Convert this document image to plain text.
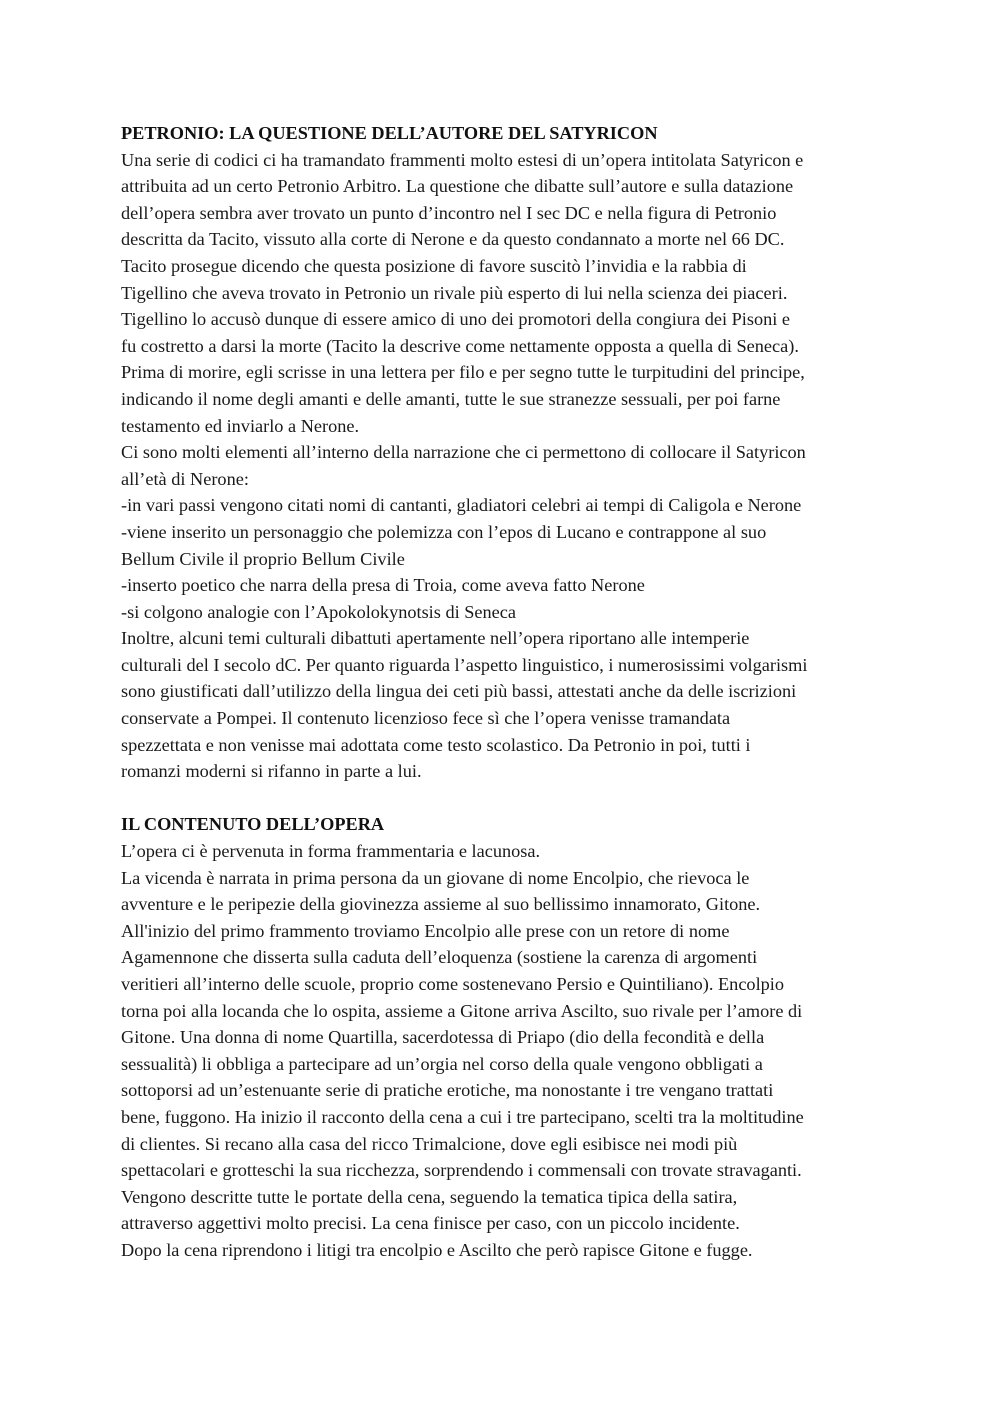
PETRONIO: LA QUESTIONE DELL’AUTORE DEL SATYRICON
Una serie di codici ci ha tramandato frammenti molto estesi di un’opera intitolata Satyricon e
attribuita ad un certo Petronio Arbitro. La questione che dibatte sull’autore e sulla datazione
dell’opera sembra aver trovato un punto d’incontro nel I sec DC e nella figura di Petronio
descritta da Tacito, vissuto alla corte di Nerone e da questo condannato a morte nel 66 DC.
Tacito prosegue dicendo che questa posizione di favore suscitò l’invidia e la rabbia di
Tigellino che aveva trovato in Petronio un rivale più esperto di lui nella scienza dei piaceri.
Tigellino lo accusò dunque di essere amico di uno dei promotori della congiura dei Pisoni e
fu costretto a darsi la morte (Tacito la descrive come nettamente opposta a quella di Seneca).
Prima di morire, egli scrisse in una lettera per filo e per segno tutte le turpitudini del principe,
indicando il nome degli amanti e delle amanti, tutte le sue stranezze sessuali, per poi farne
testamento ed inviarlo a Nerone.
Ci sono molti elementi all’interno della narrazione che ci permettono di collocare il Satyricon
all’età di Nerone:
-in vari passi vengono citati nomi di cantanti, gladiatori celebri ai tempi di Caligola e Nerone
-viene inserito un personaggio che polemizza con l’epos di Lucano e contrappone al suo
Bellum Civile il proprio Bellum Civile
-inserto poetico che narra della presa di Troia, come aveva fatto Nerone
-si colgono analogie con l’Apokolokynotsis di Seneca
Inoltre, alcuni temi culturali dibattuti apertamente nell’opera riportano alle intemperie
culturali del I secolo dC. Per quanto riguarda l’aspetto linguistico, i numerosissimi volgarismi
sono giustificati dall’utilizzo della lingua dei ceti più bassi, attestati anche da delle iscrizioni
conservate a Pompei. Il contenuto licenzioso fece sì che l’opera venisse tramandata
spezzettata e non venisse mai adottata come testo scolastico. Da Petronio in poi, tutti i
romanzi moderni si rifanno in parte a lui.
IL CONTENUTO DELL’OPERA
L’opera ci è pervenuta in forma frammentaria e lacunosa.
La vicenda è narrata in prima persona da un giovane di nome Encolpio, che rievoca le
avventure e le peripezie della giovinezza assieme al suo bellissimo innamorato, Gitone.
All'inizio del primo frammento troviamo Encolpio alle prese con un retore di nome
Agamennone che disserta sulla caduta dell’eloquenza (sostiene la carenza di argomenti
veritieri all’interno delle scuole, proprio come sostenevano Persio e Quintiliano). Encolpio
torna poi alla locanda che lo ospita, assieme a Gitone arriva Ascilto, suo rivale per l’amore di
Gitone. Una donna di nome Quartilla, sacerdotessa di Priapo (dio della fecondità e della
sessualità) li obbliga a partecipare ad un’orgia nel corso della quale vengono obbligati a
sottoporsi ad un’estenuante serie di pratiche erotiche, ma nonostante i tre vengano trattati
bene, fuggono. Ha inizio il racconto della cena a cui i tre partecipano, scelti tra la moltitudine
di clientes. Si recano alla casa del ricco Trimalcione, dove egli esibisce nei modi più
spettacolari e grotteschi la sua ricchezza, sorprendendo i commensali con trovate stravaganti.
Vengono descritte tutte le portate della cena, seguendo la tematica tipica della satira,
attraverso aggettivi molto precisi. La cena finisce per caso, con un piccolo incidente.
Dopo la cena riprendono i litigi tra encolpio e Ascilto che però rapisce Gitone e fugge.
